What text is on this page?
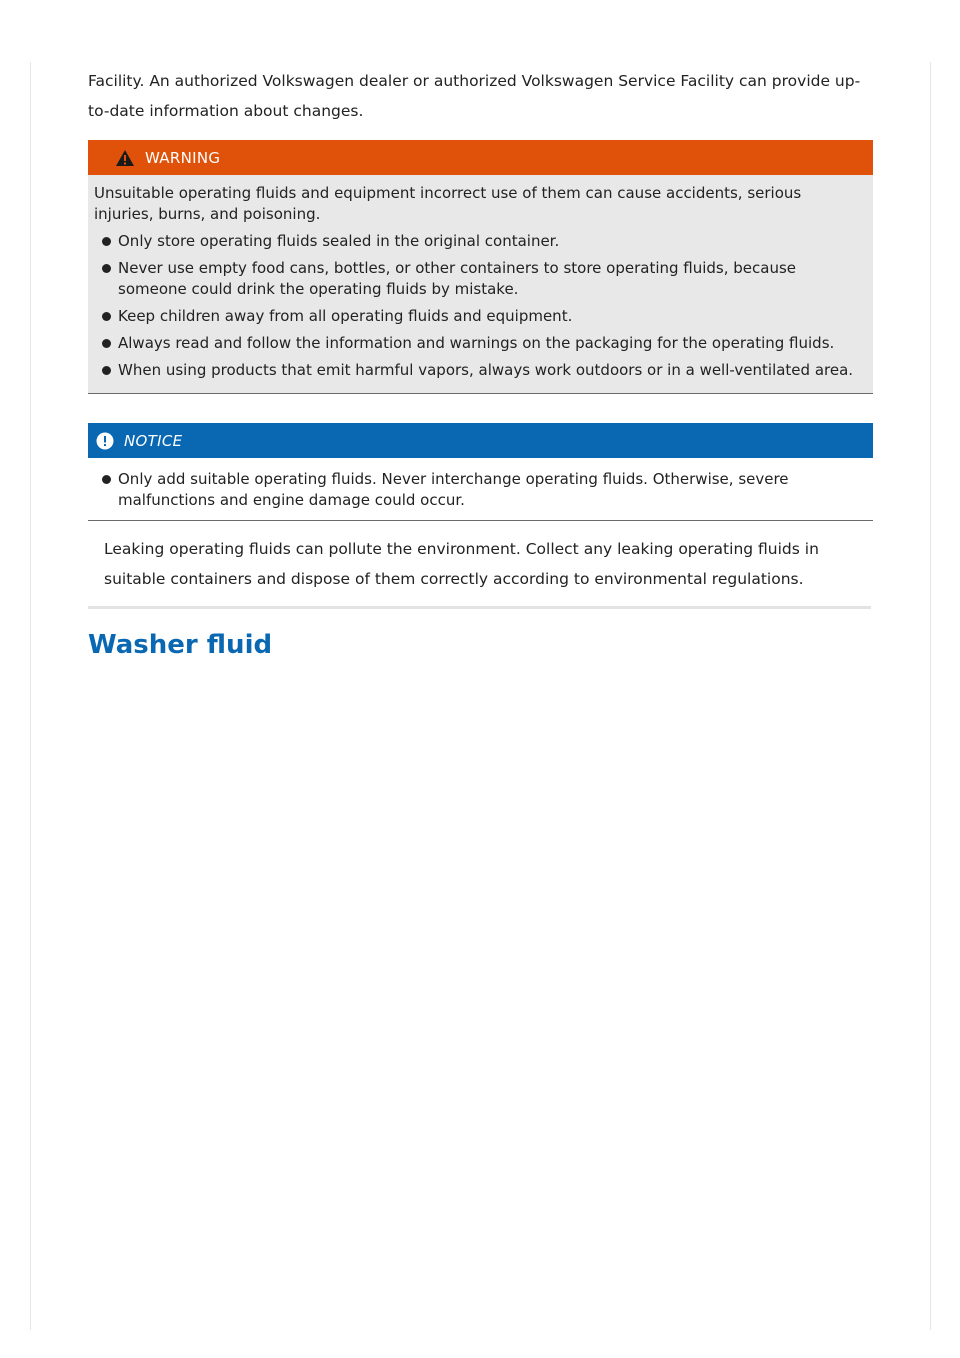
Facility. An authorized Volkswagen dealer or authorized Volkswagen Service Facility can provide up-to-date information about changes.

WARNING

Unsuitable operating fluids and equipment incorrect use of them can cause accidents, serious injuries, burns, and poisoning.

Only store operating fluids sealed in the original container.
Never use empty food cans, bottles, or other containers to store operating fluids, because someone could drink the operating fluids by mistake.
Keep children away from all operating fluids and equipment.
Always read and follow the information and warnings on the packaging for the operating fluids.
When using products that emit harmful vapors, always work outdoors or in a well-ventilated area.
NOTICE
Only add suitable operating fluids. Never interchange operating fluids. Otherwise, severe malfunctions and engine damage could occur.

Leaking operating fluids can pollute the environment. Collect any leaking operating fluids in suitable containers and dispose of them correctly according to environmental regulations.

Washer fluid
